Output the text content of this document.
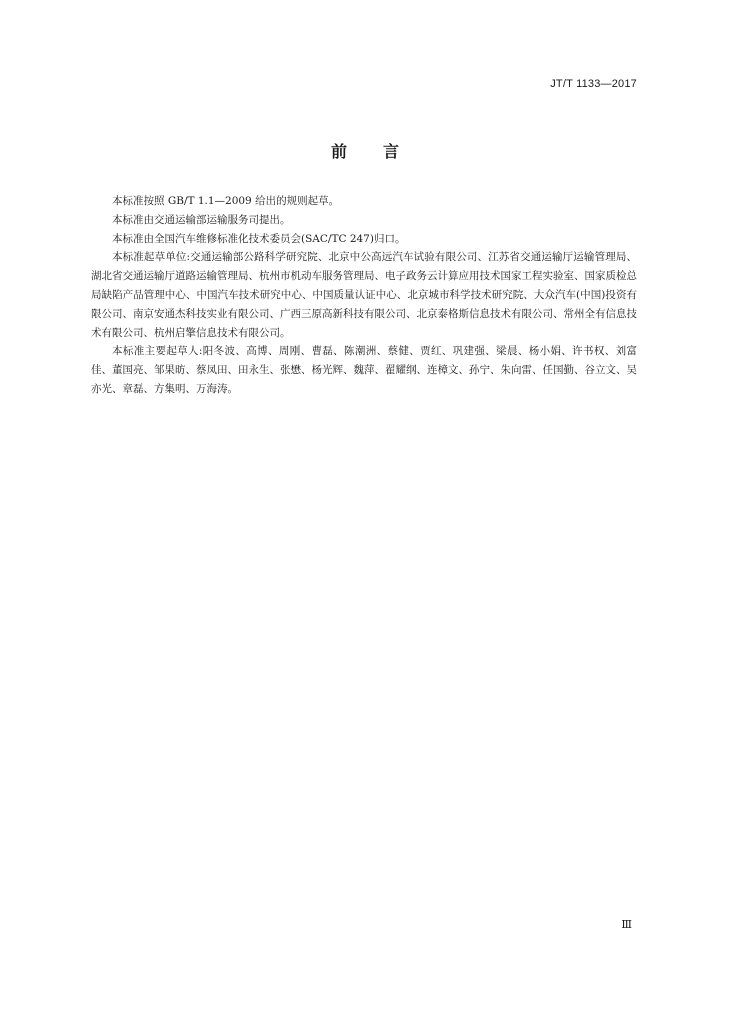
JT/T 1133—2017
前言

本标准按照 GB/T 1.1—2009 给出的规则起草。

本标准由交通运输部运输服务司提出。

本标准由全国汽车维修标准化技术委员会(SAC/TC 247)归口。

本标准起草单位:交通运输部公路科学研究院、北京中公高远汽车试验有限公司、江苏省交通运输厅运输管理局、湖北省交通运输厅道路运输管理局、杭州市机动车服务管理局、电子政务云计算应用技术国家工程实验室、国家质检总局缺陷产品管理中心、中国汽车技术研究中心、中国质量认证中心、北京城市科学技术研究院、大众汽车(中国)投资有限公司、南京安通杰科技实业有限公司、广西三原高新科技有限公司、北京泰格斯信息技术有限公司、常州全有信息技术有限公司、杭州启擎信息技术有限公司。

本标准主要起草人:阳冬波、高博、周刚、曹磊、陈潮洲、蔡健、贾红、巩建强、梁晨、杨小娟、许书权、刘富佳、董国亮、邹果昉、蔡凤田、田永生、张懋、杨光辉、魏萍、翟耀纲、连樟文、孙宁、朱向雷、任国勤、谷立文、吴亦光、章磊、方集明、万海涛。

Ⅲ
